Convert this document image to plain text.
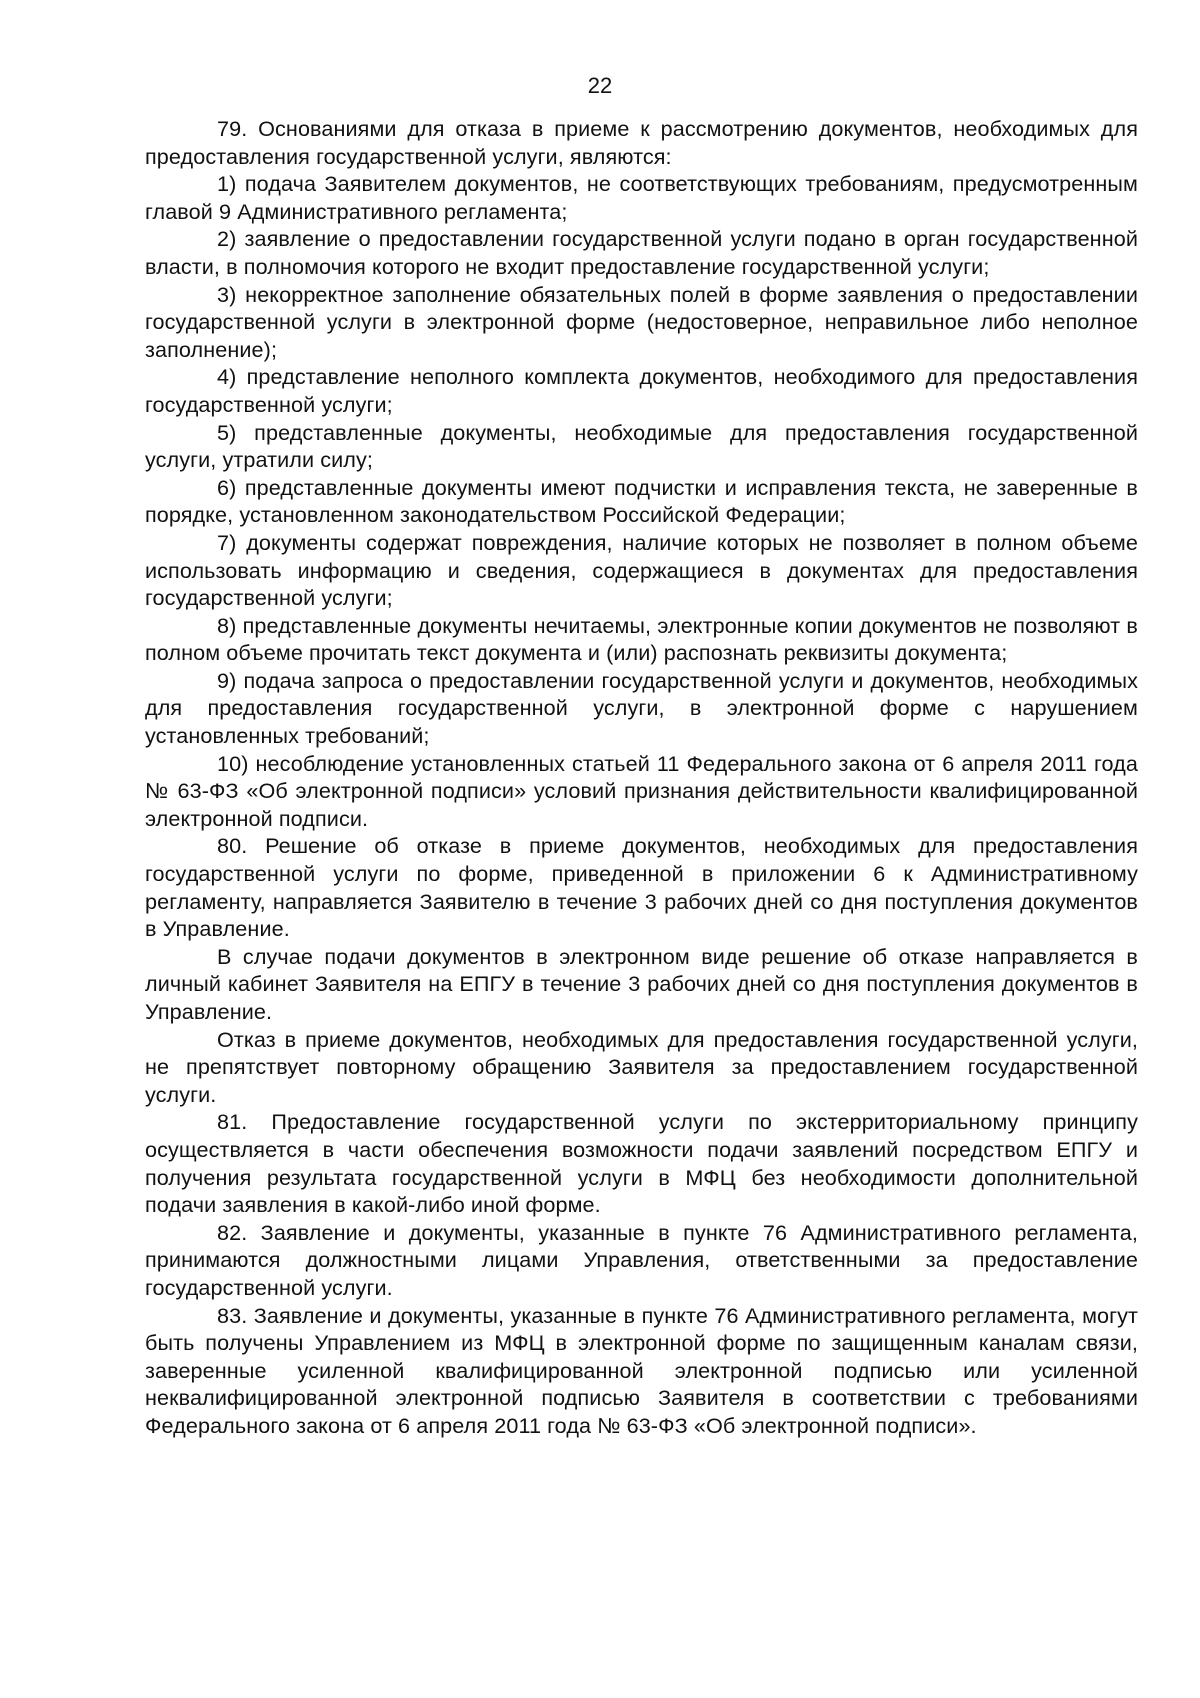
22

79. Основаниями для отказа в приеме к рассмотрению документов, необходимых для предоставления государственной услуги, являются:

1) подача Заявителем документов, не соответствующих требованиям, предусмотренным главой 9 Административного регламента;

2) заявление о предоставлении государственной услуги подано в орган государственной власти, в полномочия которого не входит предоставление государственной услуги;

3) некорректное заполнение обязательных полей в форме заявления о предоставлении государственной услуги в электронной форме (недостоверное, неправильное либо неполное заполнение);

4) представление неполного комплекта документов, необходимого для предоставления государственной услуги;

5) представленные документы, необходимые для предоставления государственной услуги, утратили силу;

6) представленные документы имеют подчистки и исправления текста, не заверенные в порядке, установленном законодательством Российской Федерации;

7) документы содержат повреждения, наличие которых не позволяет в полном объеме использовать информацию и сведения, содержащиеся в документах для предоставления государственной услуги;

8) представленные документы нечитаемы, электронные копии документов не позволяют в полном объеме прочитать текст документа и (или) распознать реквизиты документа;

9) подача запроса о предоставлении государственной услуги и документов, необходимых для предоставления государственной услуги, в электронной форме с нарушением установленных требований;

10) несоблюдение установленных статьей 11 Федерального закона от 6 апреля 2011 года № 63-ФЗ «Об электронной подписи» условий признания действительности квалифицированной электронной подписи.

80. Решение об отказе в приеме документов, необходимых для предоставления государственной услуги по форме, приведенной в приложении 6 к Административному регламенту, направляется Заявителю в течение 3 рабочих дней со дня поступления документов в Управление.

В случае подачи документов в электронном виде решение об отказе направляется в личный кабинет Заявителя на ЕПГУ в течение 3 рабочих дней со дня поступления документов в Управление.

Отказ в приеме документов, необходимых для предоставления государственной услуги, не препятствует повторному обращению Заявителя за предоставлением государственной услуги.

81. Предоставление государственной услуги по экстерриториальному принципу осуществляется в части обеспечения возможности подачи заявлений посредством ЕПГУ и получения результата государственной услуги в МФЦ без необходимости дополнительной подачи заявления в какой-либо иной форме.

82. Заявление и документы, указанные в пункте 76 Административного регламента, принимаются должностными лицами Управления, ответственными за предоставление государственной услуги.

83. Заявление и документы, указанные в пункте 76 Административного регламента, могут быть получены Управлением из МФЦ в электронной форме по защищенным каналам связи, заверенные усиленной квалифицированной электронной подписью или усиленной неквалифицированной электронной подписью Заявителя в соответствии с требованиями Федерального закона от 6 апреля 2011 года № 63-ФЗ «Об электронной подписи».
